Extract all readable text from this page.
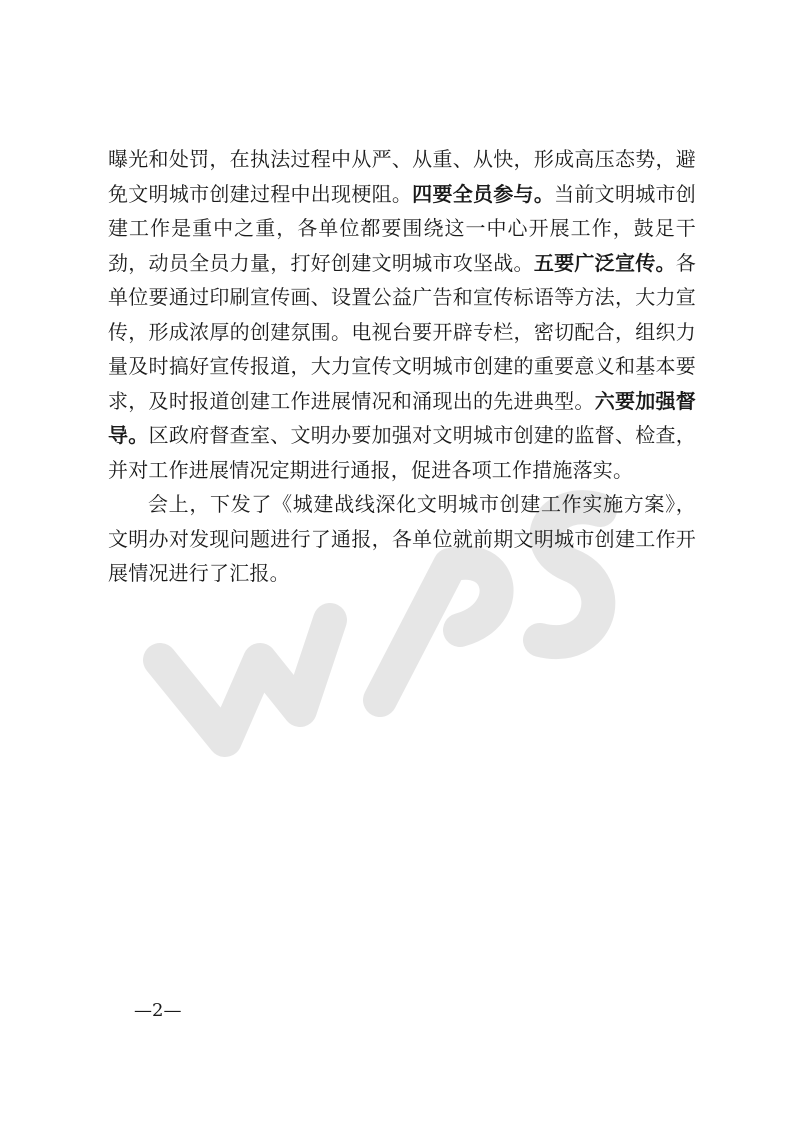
曝光和处罚，在执法过程中从严、从重、从快，形成高压态势，避免文明城市创建过程中出现梗阻。四要全员参与。当前文明城市创建工作是重中之重，各单位都要围绕这一中心开展工作，鼓足干劲，动员全员力量，打好创建文明城市攻坚战。五要广泛宣传。各单位要通过印刷宣传画、设置公益广告和宣传标语等方法，大力宣传，形成浓厚的创建氛围。电视台要开辟专栏，密切配合，组织力量及时搞好宣传报道，大力宣传文明城市创建的重要意义和基本要求，及时报道创建工作进展情况和涌现出的先进典型。六要加强督导。区政府督查室、文明办要加强对文明城市创建的监督、检查，并对工作进展情况定期进行通报，促进各项工作措施落实。

会上，下发了《城建战线深化文明城市创建工作实施方案》，文明办对发现问题进行了通报，各单位就前期文明城市创建工作开展情况进行了汇报。

—2—
